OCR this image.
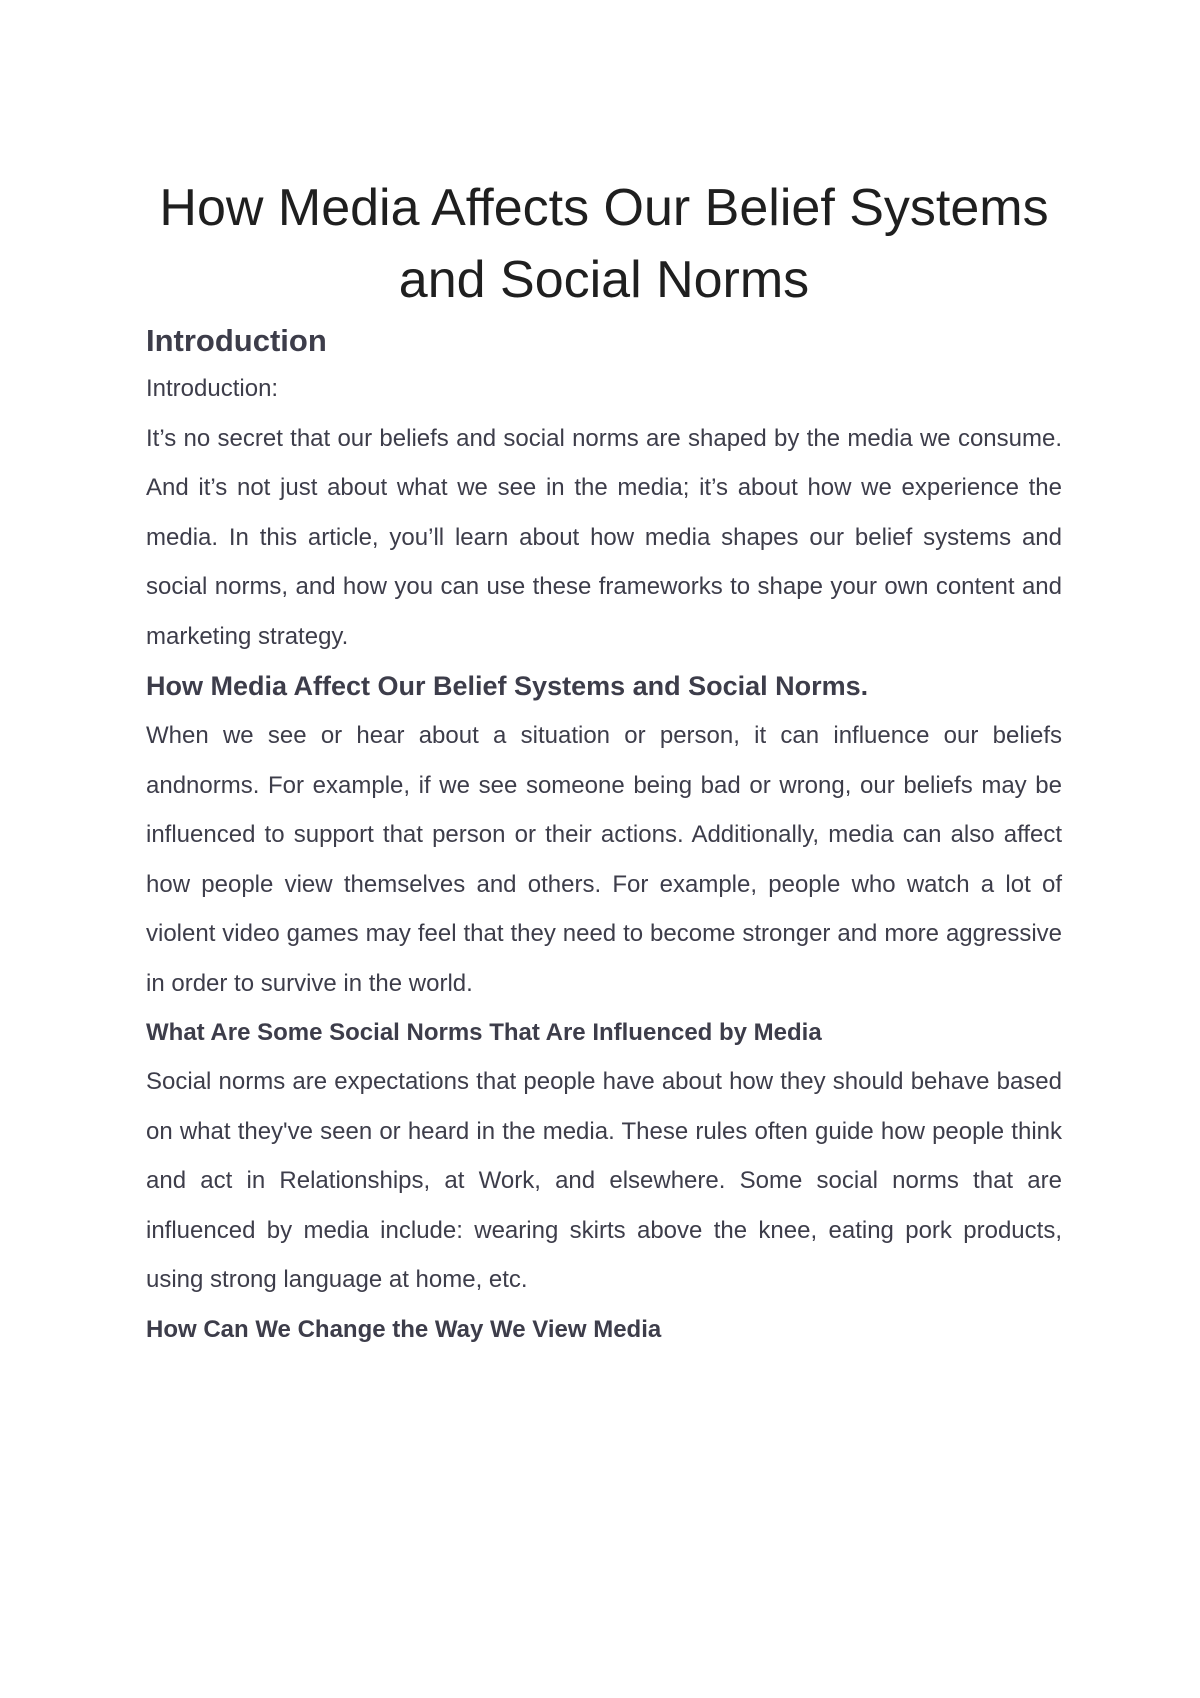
How Media Affects Our Belief Systems and Social Norms
Introduction

Introduction:

It’s no secret that our beliefs and social norms are shaped by the media we consume. And it’s not just about what we see in the media; it’s about how we experience the media. In this article, you’ll learn about how media shapes our belief systems and social norms, and how you can use these frameworks to shape your own content and marketing strategy.

How Media Affect Our Belief Systems and Social Norms.

When we see or hear about a situation or person, it can influence our beliefs andnorms. For example, if we see someone being bad or wrong, our beliefs may be influenced to support that person or their actions. Additionally, media can also affect how people view themselves and others. For example, people who watch a lot of violent video games may feel that they need to become stronger and more aggressive in order to survive in the world.

What Are Some Social Norms That Are Influenced by Media

Social norms are expectations that people have about how they should behave based on what they've seen or heard in the media. These rules often guide how people think and act in Relationships, at Work, and elsewhere. Some social norms that are influenced by media include: wearing skirts above the knee, eating pork products, using strong language at home, etc.

How Can We Change the Way We View Media
